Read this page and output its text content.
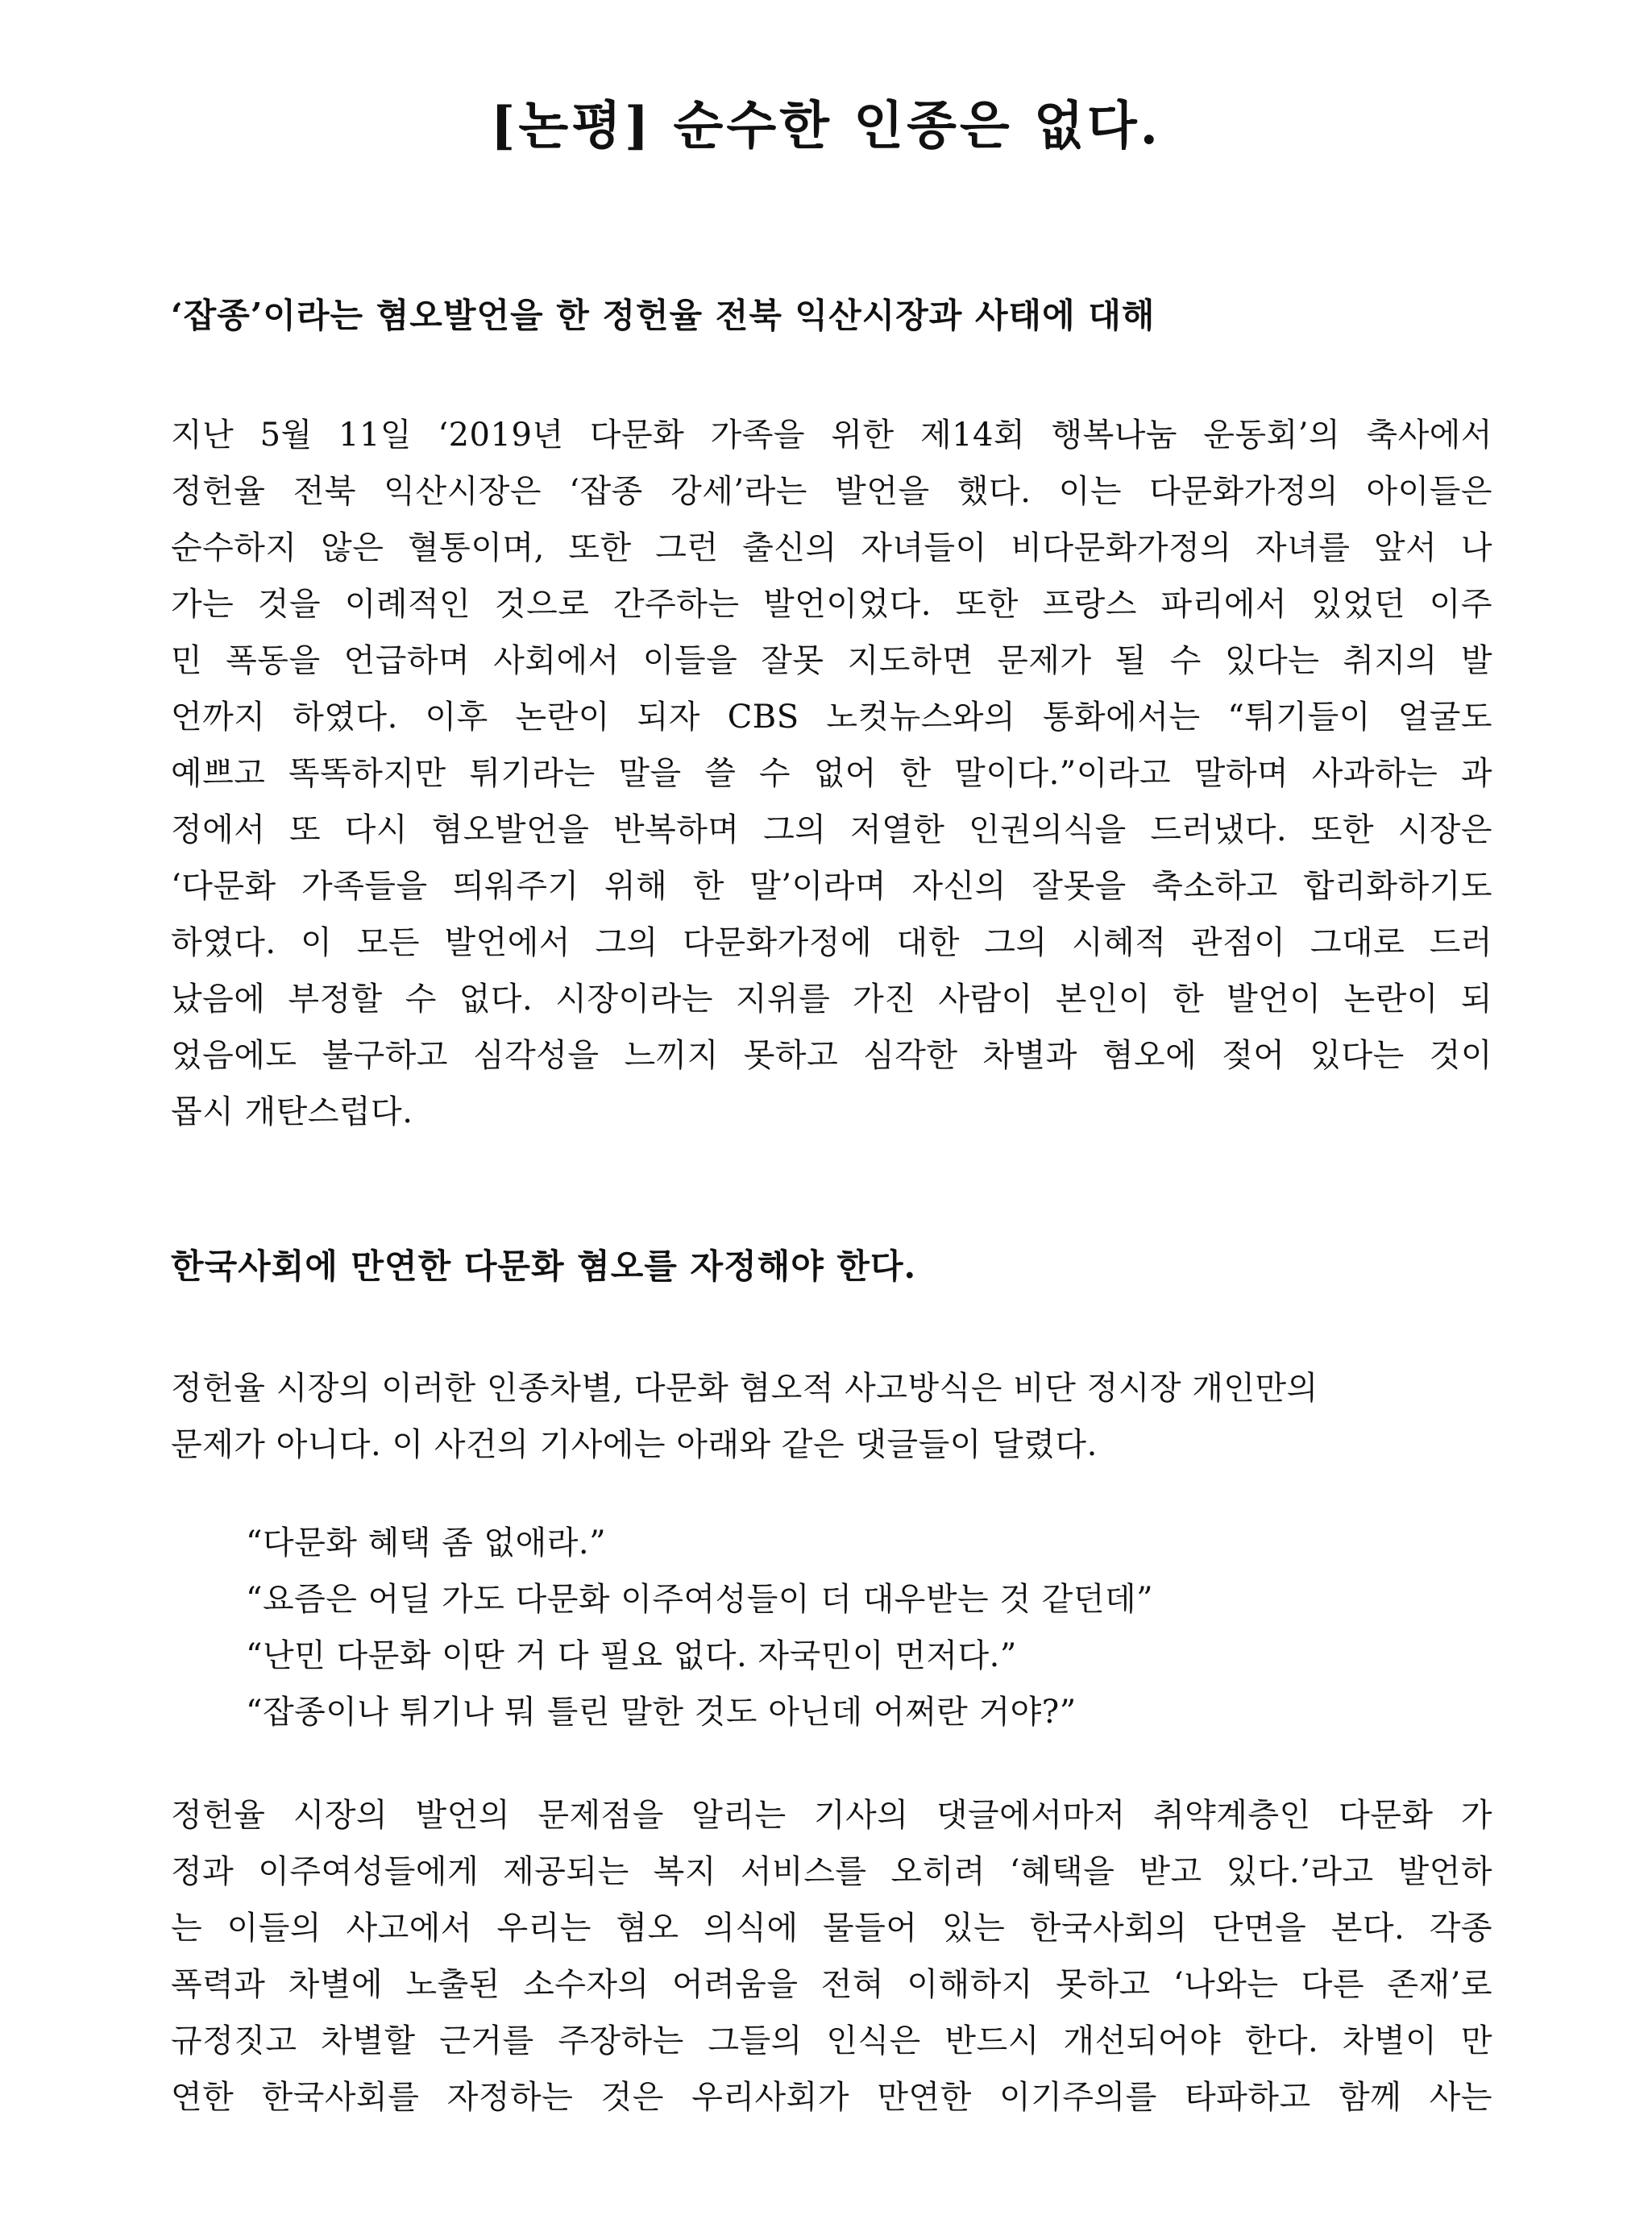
[논평] 순수한 인종은 없다.
‘잡종’이라는 혐오발언을 한 정헌율 전북 익산시장과 사태에 대해
지난 5월 11일 ‘2019년 다문화 가족을 위한 제14회 행복나눔 운동회’의 축사에서
정헌율 전북 익산시장은 ‘잡종 강세’라는 발언을 했다. 이는 다문화가정의 아이들은
순수하지 않은 혈통이며, 또한 그런 출신의 자녀들이 비다문화가정의 자녀를 앞서 나
가는 것을 이례적인 것으로 간주하는 발언이었다. 또한 프랑스 파리에서 있었던 이주
민 폭동을 언급하며 사회에서 이들을 잘못 지도하면 문제가 될 수 있다는 취지의 발
언까지 하였다. 이후 논란이 되자 CBS 노컷뉴스와의 통화에서는 “튀기들이 얼굴도
예쁘고 똑똑하지만 튀기라는 말을 쓸 수 없어 한 말이다.”이라고 말하며 사과하는 과
정에서 또 다시 혐오발언을 반복하며 그의 저열한 인권의식을 드러냈다. 또한 시장은
‘다문화 가족들을 띄워주기 위해 한 말’이라며 자신의 잘못을 축소하고 합리화하기도
하였다. 이 모든 발언에서 그의 다문화가정에 대한 그의 시혜적 관점이 그대로 드러
났음에 부정할 수 없다. 시장이라는 지위를 가진 사람이 본인이 한 발언이 논란이 되
었음에도 불구하고 심각성을 느끼지 못하고 심각한 차별과 혐오에 젖어 있다는 것이
몹시 개탄스럽다.
한국사회에 만연한 다문화 혐오를 자정해야 한다.
정헌율 시장의 이러한 인종차별, 다문화 혐오적 사고방식은 비단 정시장 개인만의
문제가 아니다. 이 사건의 기사에는 아래와 같은 댓글들이 달렸다.
“다문화 혜택 좀 없애라.”
“요즘은 어딜 가도 다문화 이주여성들이 더 대우받는 것 같던데”
“난민 다문화 이딴 거 다 필요 없다. 자국민이 먼저다.”
“잡종이나 튀기나 뭐 틀린 말한 것도 아닌데 어쩌란 거야?”
정헌율 시장의 발언의 문제점을 알리는 기사의 댓글에서마저 취약계층인 다문화 가
정과 이주여성들에게 제공되는 복지 서비스를 오히려 ‘혜택을 받고 있다.’라고 발언하
는 이들의 사고에서 우리는 혐오 의식에 물들어 있는 한국사회의 단면을 본다. 각종
폭력과 차별에 노출된 소수자의 어려움을 전혀 이해하지 못하고 ‘나와는 다른 존재’로
규정짓고 차별할 근거를 주장하는 그들의 인식은 반드시 개선되어야 한다. 차별이 만
연한 한국사회를 자정하는 것은 우리사회가 만연한 이기주의를 타파하고 함께 사는
